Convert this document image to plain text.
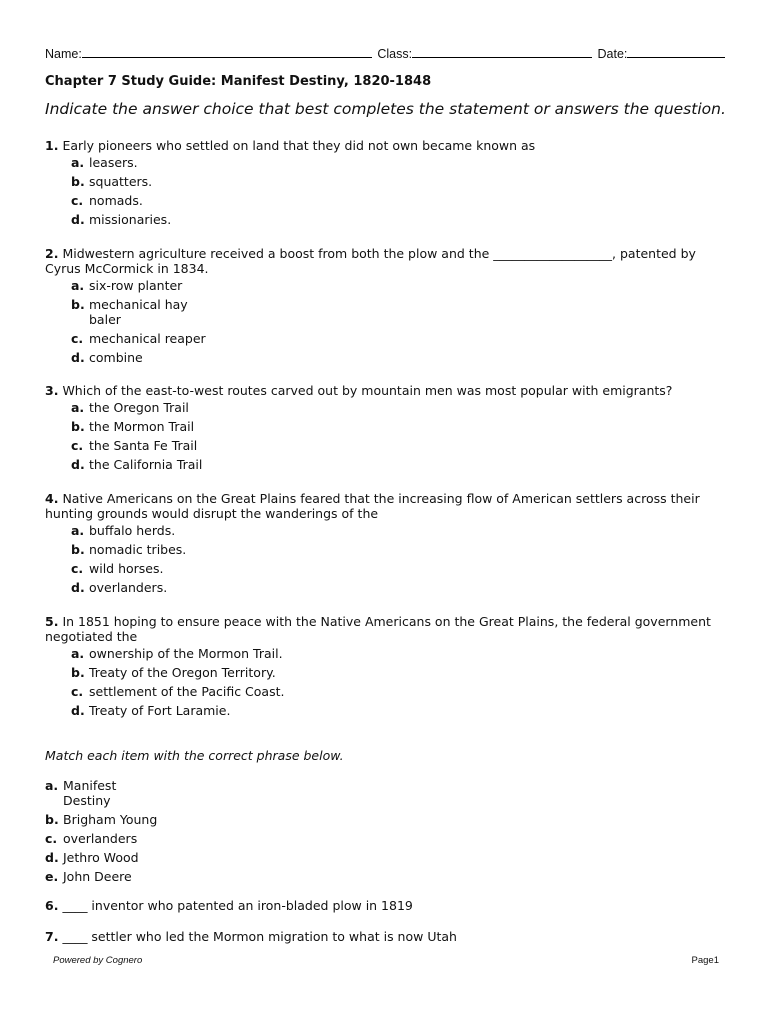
Name:	Class:	Date:
Chapter 7 Study Guide: Manifest Destiny, 1820-1848
Indicate the answer choice that best completes the statement or answers the question.
1. Early pioneers who settled on land that they did not own became known as
a. leasers.
b. squatters.
c. nomads.
d. missionaries.
2. Midwestern agriculture received a boost from both the plow and the ___________________, patented by Cyrus McCormick in 1834.
a. six-row planter
b. mechanical hay baler
c. mechanical reaper
d. combine
3. Which of the east-to-west routes carved out by mountain men was most popular with emigrants?
a. the Oregon Trail
b. the Mormon Trail
c. the Santa Fe Trail
d. the California Trail
4. Native Americans on the Great Plains feared that the increasing flow of American settlers across their hunting grounds would disrupt the wanderings of the
a. buffalo herds.
b. nomadic tribes.
c. wild horses.
d. overlanders.
5. In 1851 hoping to ensure peace with the Native Americans on the Great Plains, the federal government negotiated the
a. ownership of the Mormon Trail.
b. Treaty of the Oregon Territory.
c. settlement of the Pacific Coast.
d. Treaty of Fort Laramie.
Match each item with the correct phrase below.
a. Manifest Destiny
b. Brigham Young
c. overlanders
d. Jethro Wood
e. John Deere
6. ____ inventor who patented an iron-bladed plow in 1819
7. ____ settler who led the Mormon migration to what is now Utah
Powered by Cognero	Page1
